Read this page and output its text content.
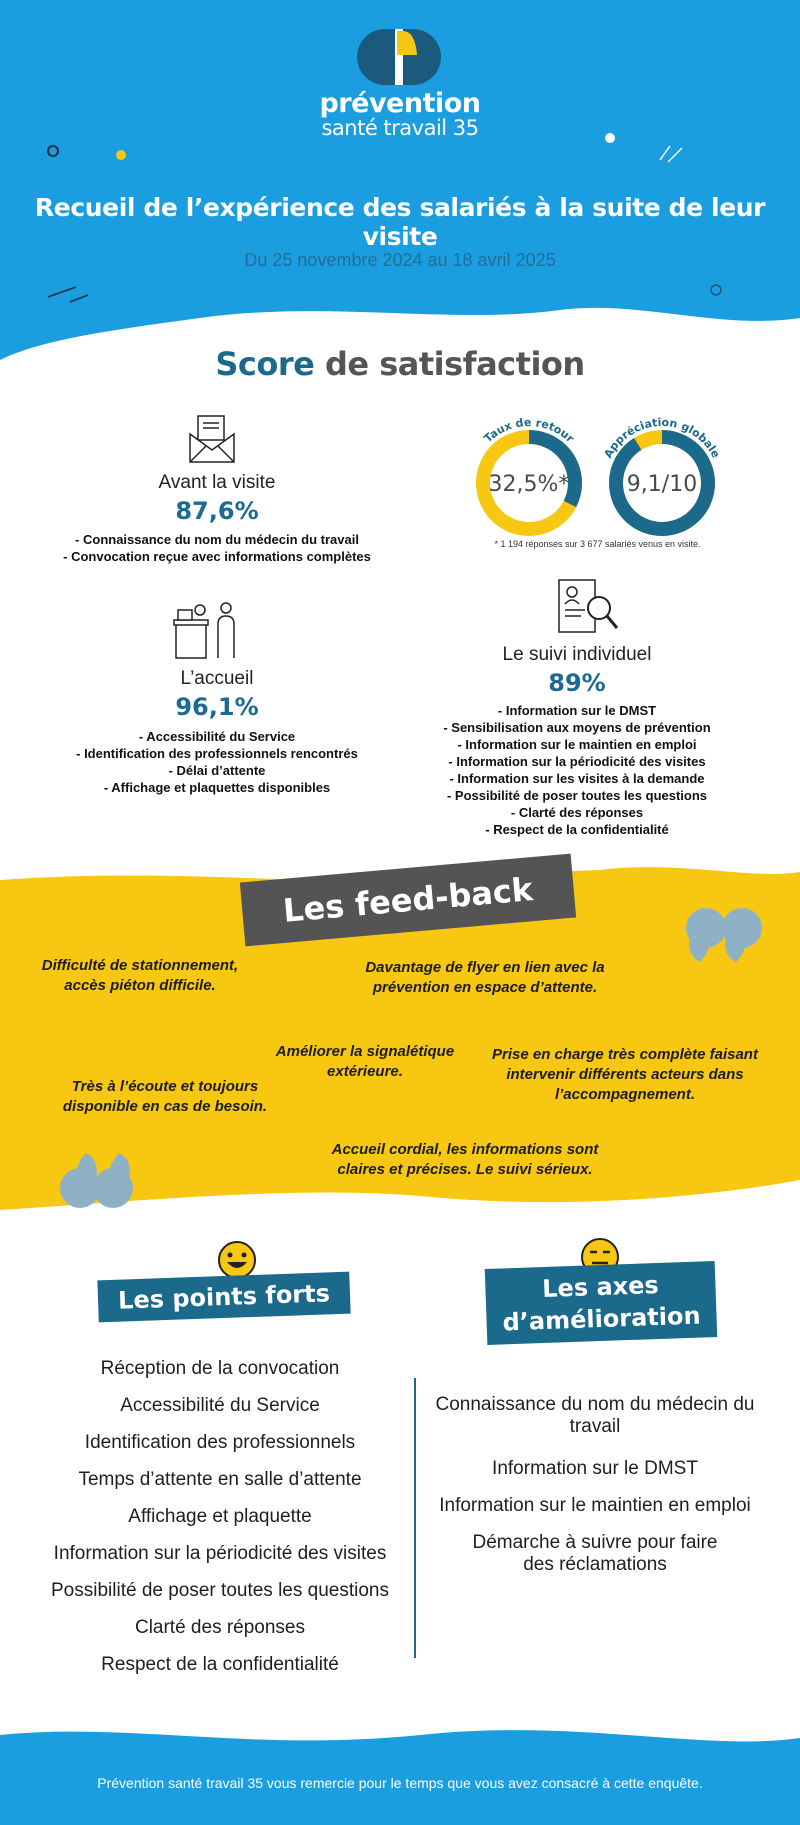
prévention
santé travail 35
Recueil de l’expérience des salariés à la suite de leur visite
Du 25 novembre 2024 au 18 avril 2025
Score de satisfaction
Avant la visite
87,6%
- Connaissance du nom du médecin du travail
- Convocation reçue avec informations complètes
L’accueil
96,1%
- Accessibilité du Service
- Identification des professionnels rencontrés
- Délai d’attente
- Affichage et plaquettes disponibles
32,5%*
Taux de retour
9,1/10
Appréciation globale
* 1 194 réponses sur 3 677 salariés venus en visite.
Le suivi individuel
89%
- Information sur le DMST
- Sensibilisation aux moyens de prévention
- Information sur le maintien en emploi
- Information sur la périodicité des visites
- Information sur les visites à la demande
- Possibilité de poser toutes les questions
- Clarté des réponses
- Respect de la confidentialité
Les feed-back
Difficulté de stationnement, accès piéton difficile.
Davantage de flyer en lien avec la prévention en espace d’attente.
Améliorer la signalétique extérieure.
Prise en charge très complète faisant intervenir différents acteurs dans l’accompagnement.
Très à l’écoute et toujours disponible en cas de besoin.
Accueil cordial, les informations sont claires et précises. Le suivi sérieux.
Les points forts	Les axes
d’amélioration
Réception de la convocation
Accessibilité du Service
Identification des professionnels
Temps d’attente en salle d’attente
Affichage et plaquette
Information sur la périodicité des visites
Possibilité de poser toutes les questions
Clarté des réponses
Respect de la confidentialité
Connaissance du nom du médecin du travail
Information sur le DMST
Information sur le maintien en emploi
Démarche à suivre pour faire des réclamations
Prévention santé travail 35 vous remercie pour le temps que vous avez consacré à cette enquête.
